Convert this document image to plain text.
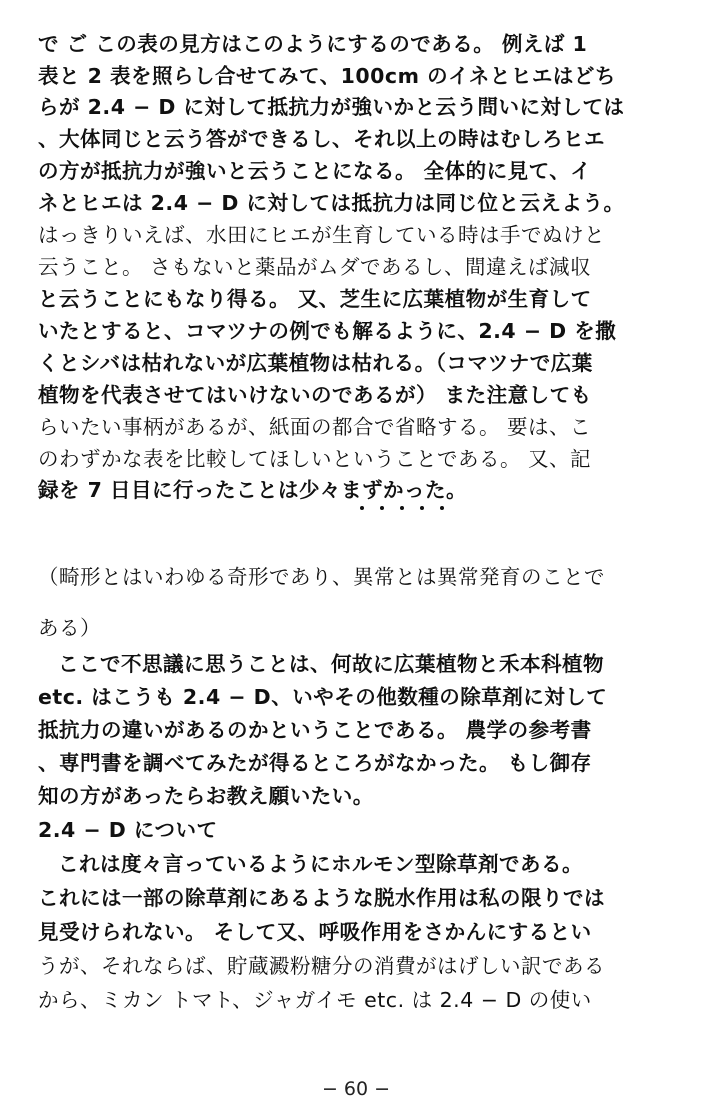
で ご この表の見方はこのようにするのである。 例えば 1
表と 2 表を照らし合せてみて、100cm のイネとヒエはどち
らが 2.4 − D に対して抵抗力が強いかと云う問いに対しては
、大体同じと云う答ができるし、それ以上の時はむしろヒエ
の方が抵抗力が強いと云うことになる。 全体的に見て、イ
ネとヒエは 2.4 − D に対しては抵抗力は同じ位と云えよう。
はっきりいえば、水田にヒエが生育している時は手でぬけと
云うこと。 さもないと薬品がムダであるし、間違えば減収
と云うことにもなり得る。 又、芝生に広葉植物が生育して
いたとすると、コマツナの例でも解るように、2.4 − D を撒
くとシバは枯れないが広葉植物は枯れる。（コマツナで広葉
植物を代表させてはいけないのであるが） また注意しても
らいたい事柄があるが、紙面の都合で省略する。 要は、こ
のわずかな表を比較してほしいということである。 又、記
録を 7 日目に行ったことは少々まずかった。
（畸形とはいわゆる奇形であり、異常とは異常発育のことで
ある）
ここで不思議に思うことは、何故に広葉植物と禾本科植物
etc. はこうも 2.4 − D、いやその他数種の除草剤に対して
抵抗力の違いがあるのかということである。 農学の参考書
、専門書を調べてみたが得るところがなかった。 もし御存
知の方があったらお教え願いたい。
2.4 − D について
これは度々言っているようにホルモン型除草剤である。
これには一部の除草剤にあるような脱水作用は私の限りでは
見受けられない。 そして又、呼吸作用をさかんにするとい
うが、それならば、貯蔵澱粉糖分の消費がはげしい訳である
から、ミカン トマト、ジャガイモ etc. は 2.4 − D の使い
− 60 −
